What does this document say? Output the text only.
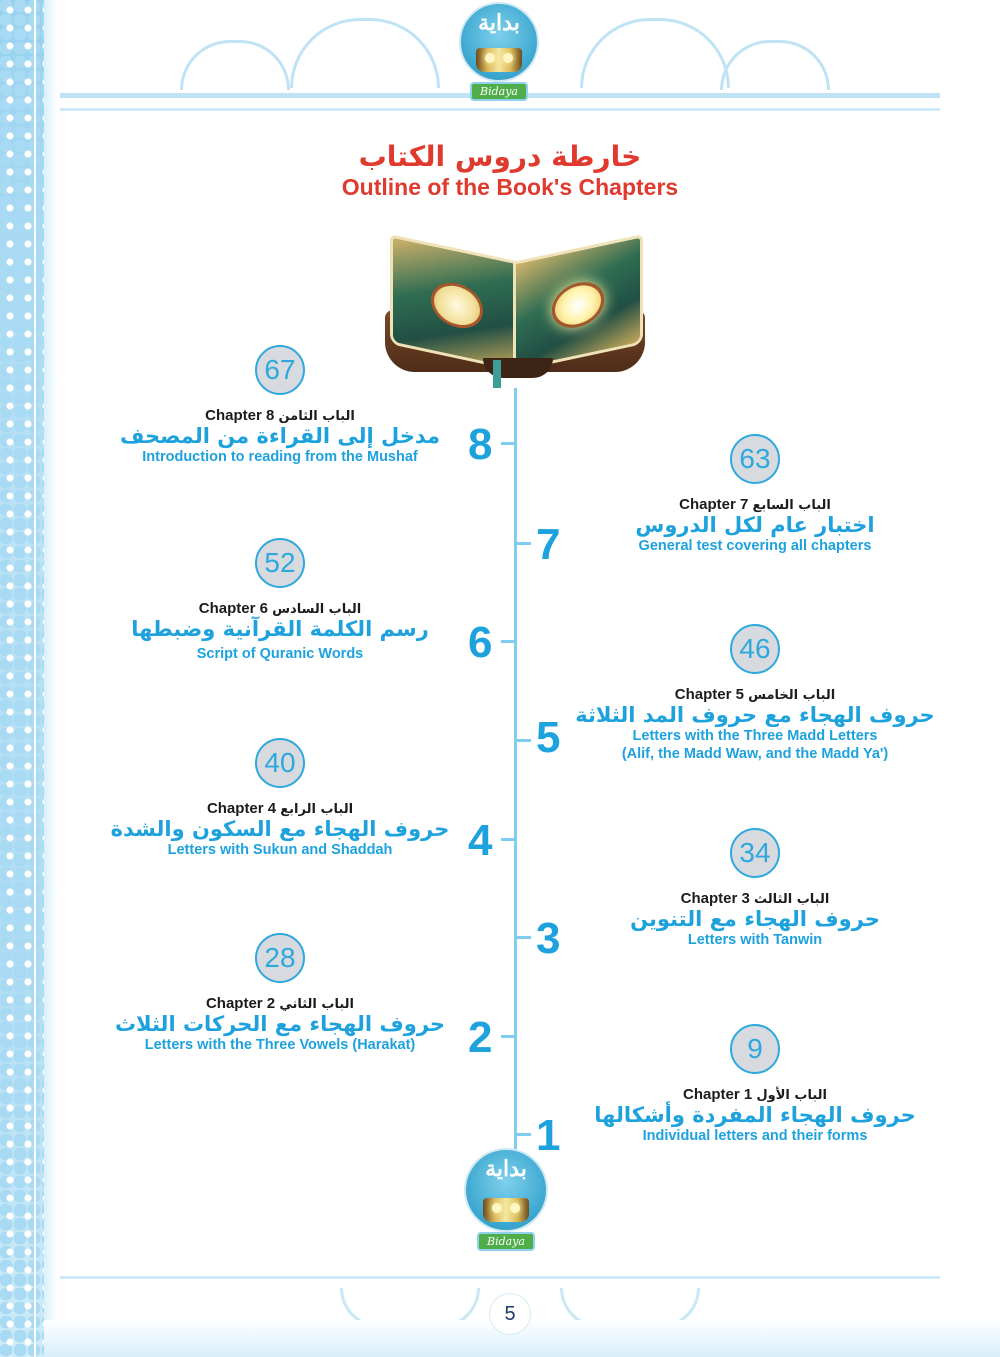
بداية
Bidaya
خارطة دروس الكتاب
Outline of the Book's Chapters
8
7
6
5
4
3
2
1
67
Chapter 8 الباب الثامن
مدخل إلى القراءة من المصحف
Introduction to reading from the Mushaf	63
Chapter 7 الباب السابع
اختبار عام لكل الدروس
General test covering all chapters
52
Chapter 6 الباب السادس
رسم الكلمة القرآنية وضبطها
Script of Quranic Words	46
Chapter 5 الباب الخامس
حروف الهجاء مع حروف المد الثلاثة
Letters with the Three Madd Letters
(Alif, the Madd Waw, and the Madd Ya')
40
Chapter 4 الباب الرابع
حروف الهجاء مع السكون والشدة
Letters with Sukun and Shaddah	34
Chapter 3 الباب الثالث
حروف الهجاء مع التنوين
Letters with Tanwin
28
Chapter 2 الباب الثاني
حروف الهجاء مع الحركات الثلاث
Letters with the Three Vowels (Harakat)	9
Chapter 1 الباب الأول
حروف الهجاء المفردة وأشكالها
Individual letters and their forms
بداية
Bidaya
5
